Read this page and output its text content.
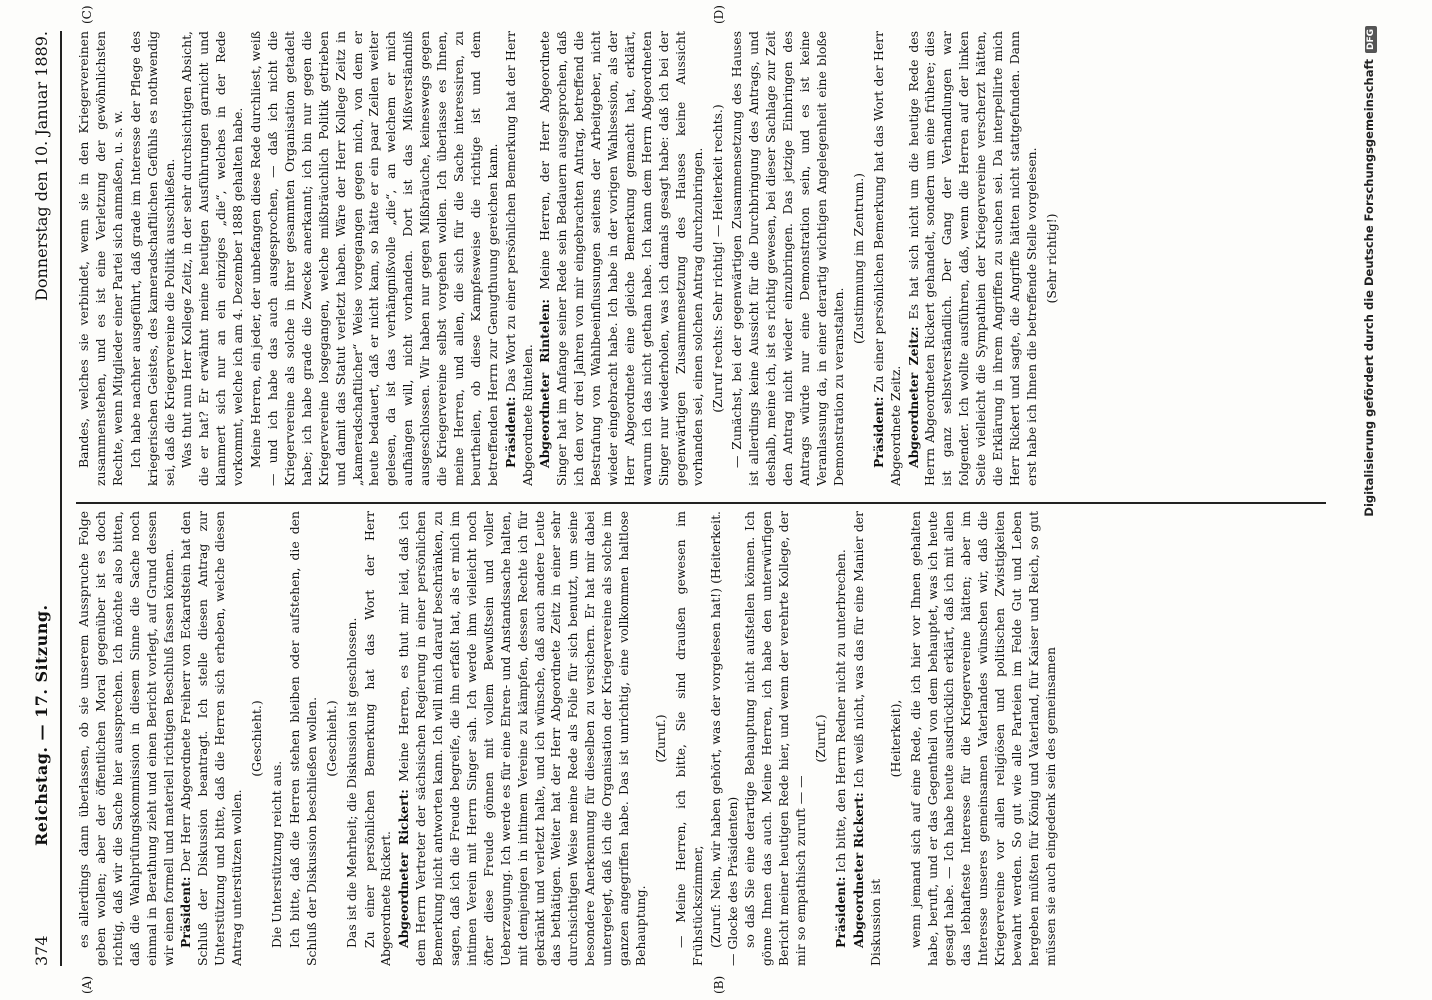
374
Reichstag. — 17. Sitzung.
Donnerstag den 10. Januar 1889.
(A)	(B)
(C)	(D)

es allerdings dann überlassen, ob sie unserem Ausspruche Folge geben wollen; aber der öffentlichen Moral gegenüber ist es doch richtig, daß wir die Sache hier aussprechen. Ich möchte also bitten, daß die Wahlprüfungskommission in diesem Sinne die Sache noch einmal in Berathung zieht und einen Bericht vorlegt, auf Grund dessen wir einen formell und materiell richtigen Beschluß fassen können. Präsident: Der Herr Abgeordnete Freiherr von Eckardstein hat den Schluß der Diskussion beantragt. Ich stelle diesen Antrag zur Unterstützung und bitte, daß die Herren sich erheben, welche diesen Antrag unterstützen wollen.

(Geschieht.)

Die Unterstützung reicht aus. Ich bitte, daß die Herren stehen bleiben oder aufstehen, die den Schluß der Diskussion beschließen wollen. (Geschieht.) Das ist die Mehrheit; die Diskussion ist geschlossen. Zu einer persönlichen Bemerkung hat das Wort der Herr Abgeordnete Rickert. Abgeordneter Rickert: Meine Herren, es thut mir leid, daß ich dem Herrn Vertreter der sächsischen Regierung in einer persönlichen Bemerkung nicht antworten kann. Ich will mich darauf beschränken, zu sagen, daß ich die Freude begreife, die ihn erfaßt hat, als er mich im intimen Verein mit Herrn Singer sah. Ich werde ihm vielleicht noch öfter diese Freude gönnen mit vollem Bewußtsein und voller Ueberzeugung. Ich werde es für eine Ehren- und Anstandssache halten, mit demjenigen in intimem Vereine zu kämpfen, dessen Rechte ich für gekränkt und verletzt halte, und ich wünsche, daß auch andere Leute das bethätigen. Weiter hat der Herr Abgeordnete Zeitz in einer sehr durchsichtigen Weise meine Rede als Folie für sich benutzt, um seine besondere Anerkennung für dieselben zu versichern. Er hat mir dabei untergelegt, daß ich die Organisation der Kriegervereine als solche im ganzen angegriffen habe. Das ist unrichtig, eine vollkommen haltlose Behauptung.

(Zuruf.) — Meine Herren, ich bitte, Sie sind draußen gewesen im Frühstückszimmer, (Zuruf: Nein, wir haben gehört, was der vorgelesen hat!) (Heiterkeit. — Glocke des Präsidenten) so daß Sie eine derartige Behauptung nicht aufstellen können. Ich gönne Ihnen das auch. Meine Herren, ich habe den unterwürfigen Bericht meiner heutigen Rede hier, und wenn der verehrte Kollege, der mir so empathisch zuruft — —

(Zuruf.)

Präsident: Ich bitte, den Herrn Redner nicht zu unterbrechen. Abgeordneter Rickert: Ich weiß nicht, was das für eine Manier der Diskussion ist

(Heiterkeit), wenn jemand sich auf eine Rede, die ich hier vor Ihnen gehalten habe, beruft, und er das Gegentheil von dem behauptet, was ich heute gesagt habe. — Ich habe heute ausdrücklich erklärt, daß ich mit allen das lebhafteste Interesse für die Kriegervereine hätten; aber im Interesse unseres gemeinsamen Vaterlandes wünschen wir, daß die Kriegervereine vor allen religiösen und politischen Zwistigkeiten bewahrt werden. So gut wie alle Parteien im Felde Gut und Leben hergeben müßten für König und Vaterland, für Kaiser und Reich, so gut müssen sie auch eingedenk sein des gemeinsamen

Bandes, welches sie verbindet, wenn sie in den Kriegervereinen zusammenstehen, und es ist eine Verletzung der gewöhnlichsten Rechte, wenn Mitglieder einer Partei sich anmaßen, u. s. w. Ich habe nachher ausgeführt, daß grade im Interesse der Pflege des kriegerischen Geistes, des kameradschaftlichen Gefühls es nothwendig sei, daß die Kriegervereine die Politik ausschließen. Was thut nun Herr Kollege Zeitz, in der sehr durchsichtigen Absicht, die er hat? Er erwähnt meine heutigen Ausführungen garnicht und klammert sich nur an ein einziges „die“, welches in der Rede vorkommt, welche ich am 4. Dezember 1888 gehalten habe. Meine Herren, ein jeder, der unbefangen diese Rede durchliest, weiß — und ich habe das auch ausgesprochen, — daß ich nicht die Kriegervereine als solche in ihrer gesammten Organisation getadelt habe; ich habe grade die Zwecke anerkannt; ich bin nur gegen die Kriegervereine losgegangen, welche mißbräuchlich Politik getrieben und damit das Statut verletzt haben. Wäre der Herr Kollege Zeitz in „kameradschaftlicher“ Weise vorgegangen gegen mich, von dem er heute bedauert, daß er nicht kam, so hätte er ein paar Zeilen weiter gelesen, da ist das verhängnißvolle „die“, an welchem er mich aufhängen will, nicht vorhanden. Dort ist das Mißverständniß ausgeschlossen. Wir haben nur gegen Mißbräuche, keineswegs gegen die Kriegervereine selbst vorgehen wollen. Ich überlasse es Ihnen, meine Herren, und allen, die sich für die Sache interessiren, zu beurtheilen, ob diese Kampfesweise die richtige ist und dem betreffenden Herrn zur Genugthuung gereichen kann. Präsident: Das Wort zu einer persönlichen Bemerkung hat der Herr Abgeordnete Rintelen. Abgeordneter Rintelen: Meine Herren, der Herr Abgeordnete Singer hat im Anfange seiner Rede sein Bedauern ausgesprochen, daß ich den vor drei Jahren von mir eingebrachten Antrag, betreffend die Bestrafung von Wahlbeeinflussungen seitens der Arbeitgeber, nicht wieder eingebracht habe. Ich habe in der vorigen Wahlsession, als der Herr Abgeordnete eine gleiche Bemerkung gemacht hat, erklärt, warum ich das nicht gethan habe. Ich kann dem Herrn Abgeordneten Singer nur wiederholen, was ich damals gesagt habe: daß ich bei der gegenwärtigen Zusammensetzung des Hauses keine Aussicht vorhanden sei, einen solchen Antrag durchzubringen. (Zuruf rechts: Sehr richtig! — Heiterkeit rechts.) — Zunächst, bei der gegenwärtigen Zusammensetzung des Hauses ist allerdings keine Aussicht für die Durchbringung des Antrags, und deshalb, meine ich, ist es richtig gewesen, bei dieser Sachlage zur Zeit den Antrag nicht wieder einzubringen. Das jetzige Einbringen des Antrags würde nur eine Demonstration sein, und es ist keine Veranlassung da, in einer derartig wichtigen Angelegenheit eine bloße Demonstration zu veranstalten.

(Zustimmung im Zentrum.)

Präsident: Zu einer persönlichen Bemerkung hat das Wort der Herr Abgeordnete Zeitz. Abgeordneter Zeitz: Es hat sich nicht um die heutige Rede des Herrn Abgeordneten Rickert gehandelt, sondern um eine frühere; dies ist ganz selbstverständlich. Der Gang der Verhandlungen war folgender. Ich wollte ausführen, daß, wenn die Herren auf der linken Seite vielleicht die Sympathien der Kriegervereine verscherzt hätten, die Erklärung in ihrem Angriffen zu suchen sei. Da interpellirte mich Herr Rickert und sagte, die Angriffe hätten nicht stattgefunden. Dann erst habe ich Ihnen die betreffende Stelle vorgelesen. (Sehr richtig!)	Digitalisierung gefördert durch die Deutsche ForschungsgemeinschaftDFG
